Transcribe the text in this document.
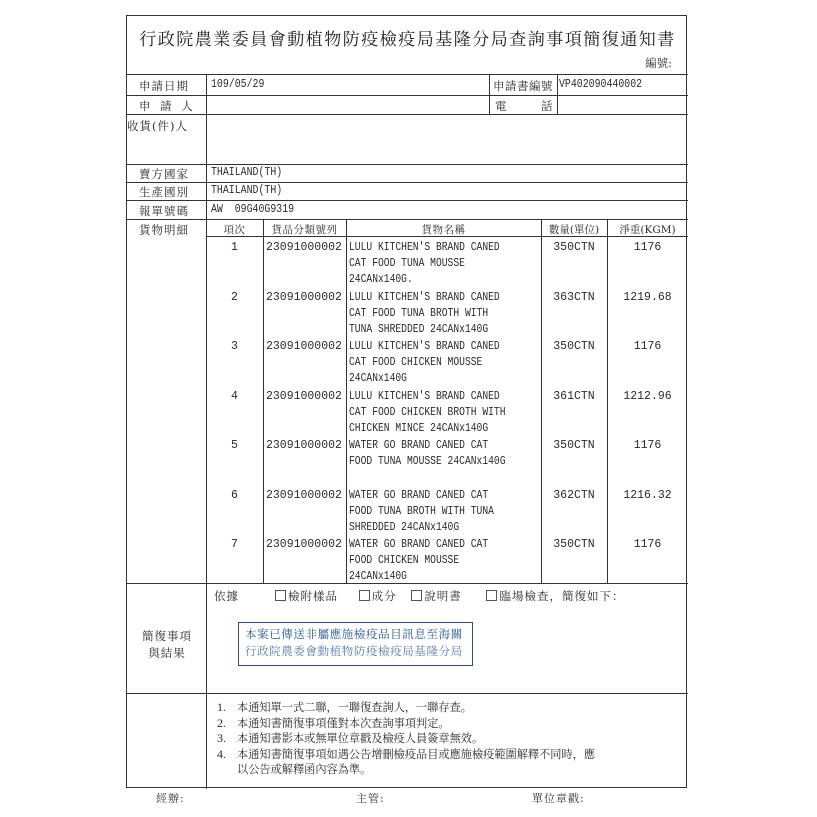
行政院農業委員會動植物防疫檢疫局基隆分局查詢事項簡復通知書
編號:
申請日期 109/05/29	申請書編號 VP402090440002
申 請 人	電　　　話
收貨(件)人
賣方國家 THAILAND(TH)
生產國別 THAILAND(TH)
報單號碼 AW  09G40G9319
貨物明細	項次	貨品分類號列	貨物名稱	數量(單位)	淨重(KGM)
1	23091000002 LULU KITCHEN'S BRAND CANED
CAT FOOD TUNA MOUSSE
24CANx140G.
350CTN	1176
2	23091000002 LULU KITCHEN'S BRAND CANED
CAT FOOD TUNA BROTH WITH
TUNA SHREDDED 24CANx140G
363CTN	1219.68
3	23091000002 LULU KITCHEN'S BRAND CANED
CAT FOOD CHICKEN MOUSSE
24CANx140G
350CTN	1176
4	23091000002 LULU KITCHEN'S BRAND CANED
CAT FOOD CHICKEN BROTH WITH
CHICKEN MINCE 24CANx140G
361CTN	1212.96
5	23091000002 WATER GO BRAND CANED CAT
FOOD TUNA MOUSSE 24CANx140G
350CTN	1176
6	23091000002 WATER GO BRAND CANED CAT
FOOD TUNA BROTH WITH TUNA
SHREDDED 24CANx140G
362CTN	1216.32
7	23091000002 WATER GO BRAND CANED CAT
FOOD CHICKEN MOUSSE
24CANx140G
350CTN	1176
簡復事項
與結果
依據	檢附樣品	成分 說明書	臨場檢查，簡復如下：
本案已傳送非屬應施檢疫品目訊息至海關
行政院農委會動植物防疫檢疫局基隆分局
1. 本通知單一式二聯，一聯復查詢人，一聯存查。
2. 本通知書簡復事項僅對本次查詢事項判定。
3. 本通知書影本或無單位章戳及檢疫人員簽章無效。
4. 本通知書簡復事項如遇公告增刪檢疫品目或應施檢疫範圍解釋不同時，應
以公告或解釋函內容為準。
經辦:	主管:	單位章戳:
